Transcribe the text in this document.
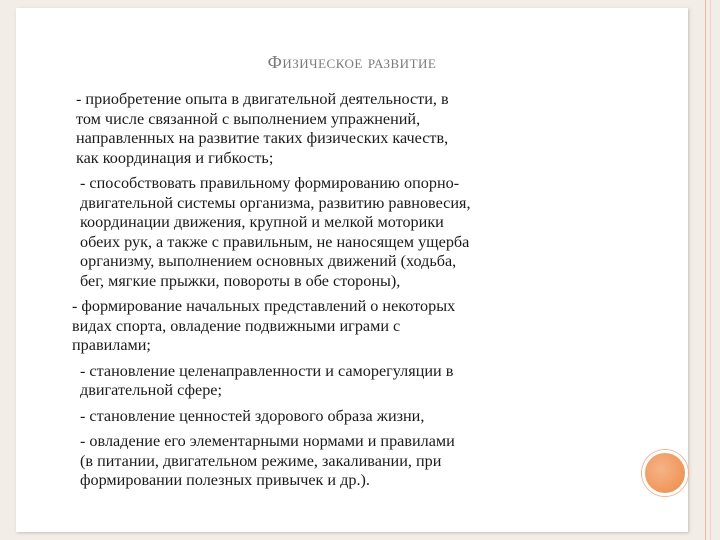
Физическое развитие
- приобретение опыта в двигательной деятельности, в
том числе связанной с выполнением упражнений,
направленных на развитие таких физических качеств,
как координация и гибкость;
- способствовать правильному формированию опорно-
двигательной системы организма, развитию равновесия,
координации движения, крупной и мелкой моторики
обеих рук, а также с правильным, не наносящем ущерба
организму, выполнением основных движений (ходьба,
бег, мягкие прыжки, повороты в обе стороны),
- формирование начальных представлений о некоторых
видах спорта, овладение подвижными играми с
правилами;
- становление целенаправленности и саморегуляции в
двигательной сфере;
- становление ценностей здорового образа жизни,
- овладение его элементарными нормами и правилами
(в питании, двигательном режиме, закаливании, при
формировании полезных привычек и др.).
